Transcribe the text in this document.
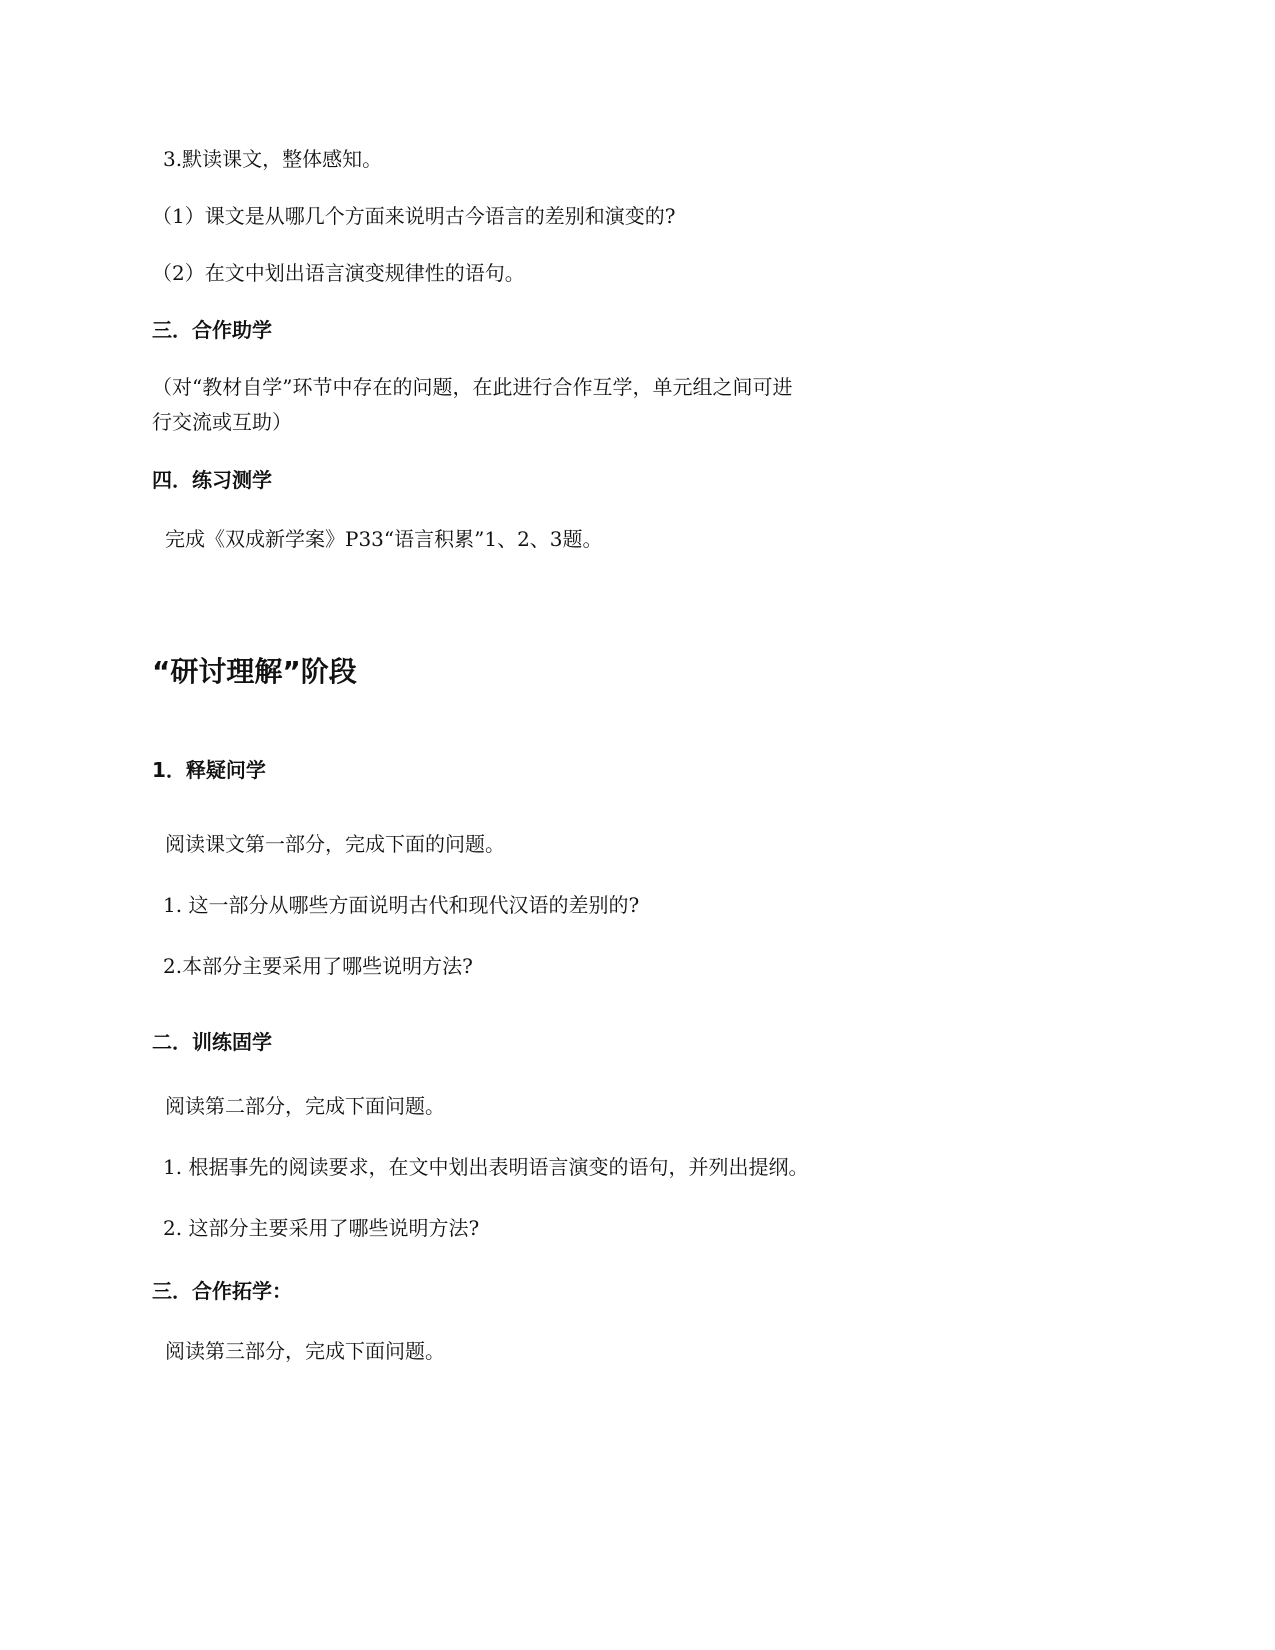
3.默读课文，整体感知。

（1）课文是从哪几个方面来说明古今语言的差别和演变的?

（2）在文中划出语言演变规律性的语句。

三．合作助学

（对“教材自学”环节中存在的问题，在此进行合作互学，单元组之间可进

行交流或互助）

四．练习测学

完成《双成新学案》P33“语言积累”1、2、3题。

“研讨理解”阶段

1．释疑问学

阅读课文第一部分，完成下面的问题。

1. 这一部分从哪些方面说明古代和现代汉语的差别的?

2.本部分主要采用了哪些说明方法?

二．训练固学

阅读第二部分，完成下面问题。

1. 根据事先的阅读要求，在文中划出表明语言演变的语句，并列出提纲。

2. 这部分主要采用了哪些说明方法?

三．合作拓学：

阅读第三部分，完成下面问题。
